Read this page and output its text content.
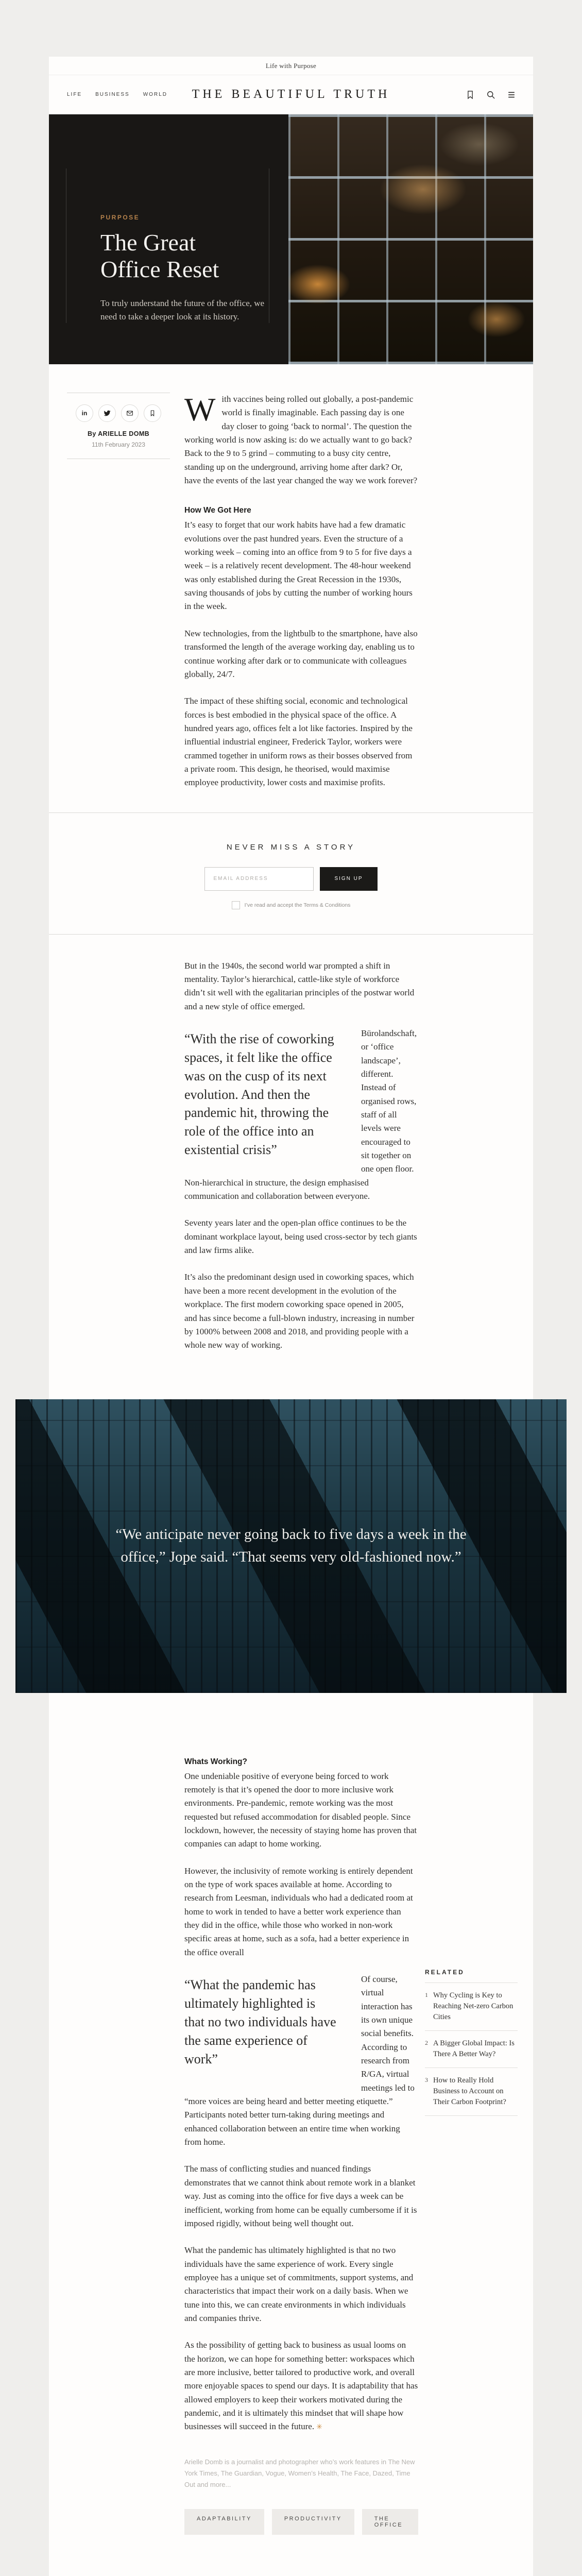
Life with Purpose
LIFE	BUSINESS	WORLD THE BEAUTIFUL TRUTH
PURPOSE
The Great Office Reset

To truly understand the future of the office, we need to take a deeper look at its history.

in
By ARIELLE DOMB
11th February 2023

With vaccines being rolled out globally, a post-pandemic world is finally imaginable. Each passing day is one day closer to going ‘back to normal’. The question the working world is now asking is: do we actually want to go back? Back to the 9 to 5 grind – commuting to a busy city centre, standing up on the underground, arriving home after dark? Or, have the events of the last year changed the way we work forever?

How We Got Here

It’s easy to forget that our work habits have had a few dramatic evolutions over the past hundred years. Even the structure of a working week – coming into an office from 9 to 5 for five days a week – is a relatively recent development. The 48-hour weekend was only established during the Great Recession in the 1930s, saving thousands of jobs by cutting the number of working hours in the week.

New technologies, from the lightbulb to the smartphone, have also transformed the length of the average working day, enabling us to continue working after dark or to communicate with colleagues globally, 24/7.

The impact of these shifting social, economic and technological forces is best embodied in the physical space of the office. A hundred years ago, offices felt a lot like factories. Inspired by the influential industrial engineer, Frederick Taylor, workers were crammed together in uniform rows as their bosses observed from a private room. This design, he theorised, would maximise employee productivity, lower costs and maximise profits.

NEVER MISS A STORY
EMAIL ADDRESS
SIGN UP
I’ve read and accept the Terms & Conditions

But in the 1940s, the second world war prompted a shift in mentality. Taylor’s hierarchical, cattle-like style of workforce didn’t sit well with the egalitarian principles of the postwar world and a new style of office emerged.

“With the rise of coworking spaces, it felt like the office was on the cusp of its next evolution. And then the pandemic hit, throwing the role of the office into an existential crisis”

Bürolandschaft, or ‘office landscape’, different. Instead of organised rows, staff of all levels were encouraged to sit together on one open floor. Non-hierarchical in structure, the design emphasised communication and collaboration between everyone.

Seventy years later and the open-plan office continues to be the dominant workplace layout, being used cross-sector by tech giants and law firms alike.

It’s also the predominant design used in coworking spaces, which have been a more recent development in the evolution of the workplace. The first modern coworking space opened in 2005, and has since become a full-blown industry, increasing in number by 1000% between 2008 and 2018, and providing people with a whole new way of working.

“We anticipate never going back to five days a week in the office,” Jope said. “That seems very old-fashioned now.”
RELATED
1 Why Cycling is Key to Reaching Net-zero Carbon Cities
2 A Bigger Global Impact: Is There A Better Way?
3 How to Really Hold Business to Account on Their Carbon Footprint?
Whats Working?

One undeniable positive of everyone being forced to work remotely is that it’s opened the door to more inclusive work environments. Pre-pandemic, remote working was the most requested but refused accommodation for disabled people. Since lockdown, however, the necessity of staying home has proven that companies can adapt to home working.

However, the inclusivity of remote working is entirely dependent on the type of work spaces available at home. According to research from Leesman, individuals who had a dedicated room at home to work in tended to have a better work experience than they did in the office, while those who worked in non-work specific areas at home, such as a sofa, had a better experience in the office overall

“What the pandemic has ultimately highlighted is that no two individuals have the same experience of work”

Of course, virtual interaction has its own unique social benefits. According to research from R/GA, virtual meetings led to “more voices are being heard and better meeting etiquette.” Participants noted better turn-taking during meetings and enhanced collaboration between an entire time when working from home.

The mass of conflicting studies and nuanced findings demonstrates that we cannot think about remote work in a blanket way. Just as coming into the office for five days a week can be inefficient, working from home can be equally cumbersome if it is imposed rigidly, without being well thought out.

What the pandemic has ultimately highlighted is that no two individuals have the same experience of work. Every single employee has a unique set of commitments, support systems, and characteristics that impact their work on a daily basis. When we tune into this, we can create environments in which individuals and companies thrive.

As the possibility of getting back to business as usual looms on the horizon, we can hope for something better: workspaces which are more inclusive, better tailored to productive work, and overall more enjoyable spaces to spend our days. It is adaptability that has allowed employers to keep their workers motivated during the pandemic, and it is ultimately this mindset that will shape how businesses will succeed in the future. ✳

Arielle Domb is a journalist and photographer who’s work features in The New York Times, The Guardian, Vogue, Women’s Health, The Face, Dazed, Time Out and more...

ADAPTABILITY	PRODUCTIVITY	THE OFFICE
